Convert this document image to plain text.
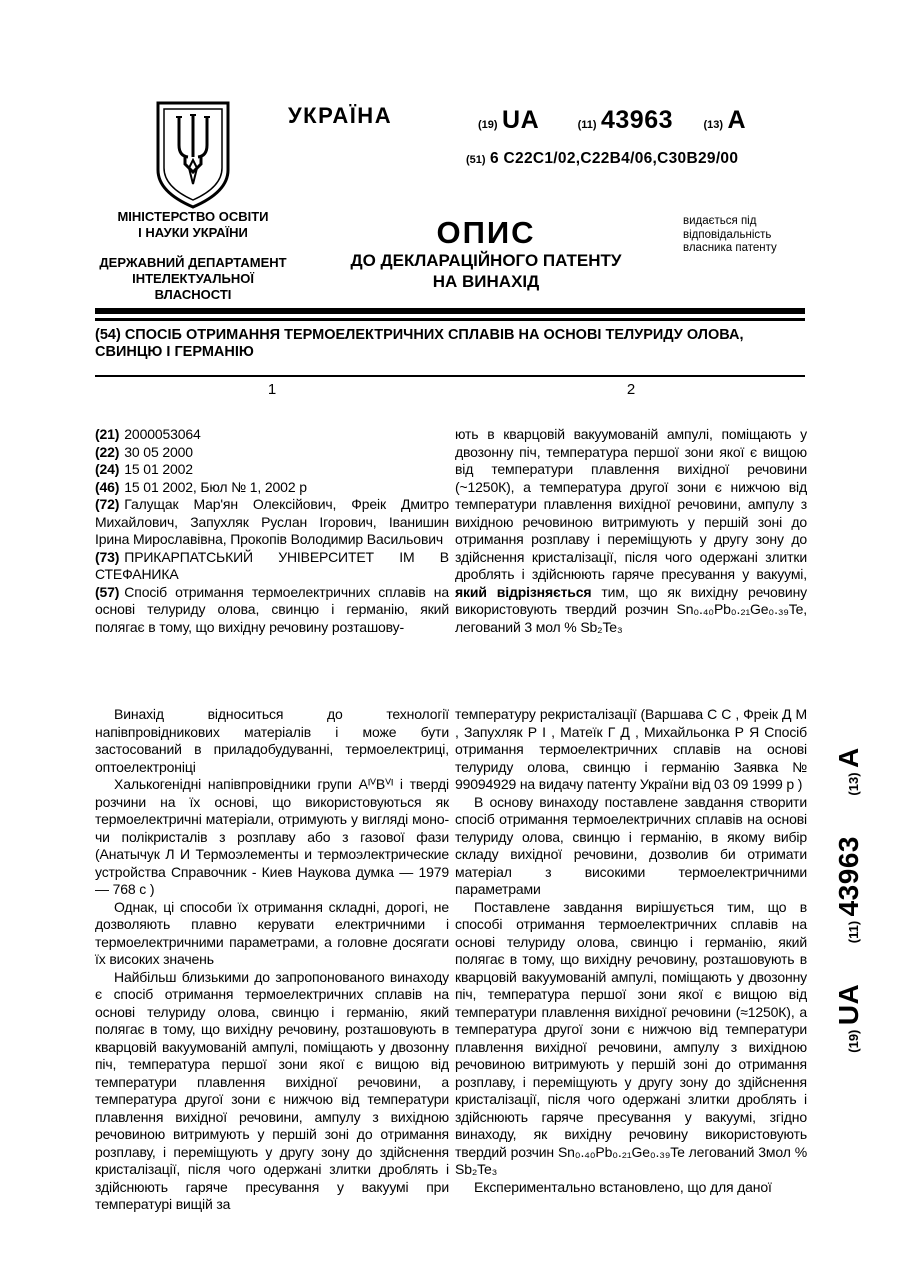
УКРАЇНА	(19) UA	(11) 43963	(13) A
(51) 6 C22C1/02,C22B4/06,C30B29/00
МІНІСТЕРСТВО ОСВІТИ
І НАУКИ УКРАЇНИ
ДЕРЖАВНИЙ ДЕПАРТАМЕНТ
ІНТЕЛЕКТУАЛЬНОЇ
ВЛАСНОСТІ
ОПИС
ДО ДЕКЛАРАЦІЙНОГО ПАТЕНТУ
НА ВИНАХІД
видається під відповідальність власника патенту
(54) СПОСІБ ОТРИМАННЯ ТЕРМОЕЛЕКТРИЧНИХ СПЛАВІВ НА ОСНОВІ ТЕЛУРИДУ ОЛОВА, СВИНЦЮ І ГЕРМАНІЮ
1	2

(21) 2000053064

(22) 30 05 2000

(24) 15 01 2002

(46) 15 01 2002, Бюл № 1, 2002 р

(72) Галущак Мар'ян Олексійович, Фреік Дмитро Михайлович, Запухляк Руслан Ігорович, Іванишин Ірина Мирославівна, Прокопів Володимир Васильович

(73) ПРИКАРПАТСЬКИЙ УНІВЕРСИТЕТ ІМ В СТЕФАНИКА

(57) Спосіб отримання термоелектричних сплавів на основі телуриду олова, свинцю і германію, який полягає в тому, що вихідну речовину розташову-

ють в кварцовій вакуумованій ампулі, поміщають у двозонну піч, температура першої зони якої є вищою від температури плавлення вихідної речовини (~1250К), а температура другої зони є нижчою від температури плавлення вихідної речовини, ампулу з вихідною речовиною витримують у першій зоні до отримання розплаву і переміщують у другу зону до здійснення кристалізації, після чого одержані злитки дроблять і здійснюють гаряче пресування у вакуумі, який відрізняється тим, що як вихідну речовину використовують твердий розчин Sn₀.₄₀Pb₀.₂₁Ge₀.₃₉Te, легований 3 мол % Sb₂Te₃

Винахід відноситься до технології напівпровідникових матеріалів і може бути застосований в приладобудуванні, термоелектриці, оптоелектроніці

Халькогенідні напівпровідники групи AᴵⱽBⱽᴵ і тверді розчини на їх основі, що використовуються як термоелектричні матеріали, отримують у вигляді моно- чи полікристалів з розплаву або з газової фази (Анатычук Л И Термоэлементы и термоэлектрические устройства Справочник - Киев Наукова думка — 1979 — 768 с )

Однак, ці способи їх отримання складні, дорогі, не дозволяють плавно керувати електричними і термоелектричними параметрами, а головне досягати їх високих значень

Найбільш близькими до запропонованого винаходу є спосіб отримання термоелектричних сплавів на основі телуриду олова, свинцю і германію, який полягає в тому, що вихідну речовину, розташовують в кварцовій вакуумованій ампулі, поміщають у двозонну піч, температура першої зони якої є вищою від температури плавлення вихідної речовини, а температура другої зони є нижчою від температури плавлення вихідної речовини, ампулу з вихідною речовиною витримують у першій зоні до отримання розплаву, і переміщують у другу зону до здійснення кристалізації, після чого одержані злитки дроблять і здійснюють гаряче пресування у вакуумі при температурі вищій за

температуру рекристалізації (Варшава С С , Фреік Д М , Запухляк Р І , Матеїк Г Д , Михайльонка Р Я Спосіб отримання термоелектричних сплавів на основі телуриду олова, свинцю і германію Заявка № 99094929 на видачу патенту України від 03 09 1999 р )

В основу винаходу поставлене завдання створити спосіб отримання термоелектричних сплавів на основі телуриду олова, свинцю і германію, в якому вибір складу вихідної речовини, дозволив би отримати матеріал з високими термоелектричними параметрами

Поставлене завдання вирішується тим, що в способі отримання термоелектричних сплавів на основі телуриду олова, свинцю і германію, який полягає в тому, що вихідну речовину, розташовують в кварцовій вакуумованій ампулі, поміщають у двозонну піч, температура першої зони якої є вищою від температури плавлення вихідної речовини (≈1250К), а температура другої зони є нижчою від температури плавлення вихідної речовини, ампулу з вихідною речовиною витримують у першій зоні до отримання розплаву, і переміщують у другу зону до здійснення кристалізації, після чого одержані злитки дроблять і здійснюють гаряче пресування у вакуумі, згідно винаходу, як вихідну речовину використовують твердий розчин Sn₀.₄₀Pb₀.₂₁Ge₀.₃₉Te легований 3мол % Sb₂Te₃

Експериментально встановлено, що для даної

(19) UA (11) 43963 (13) A
